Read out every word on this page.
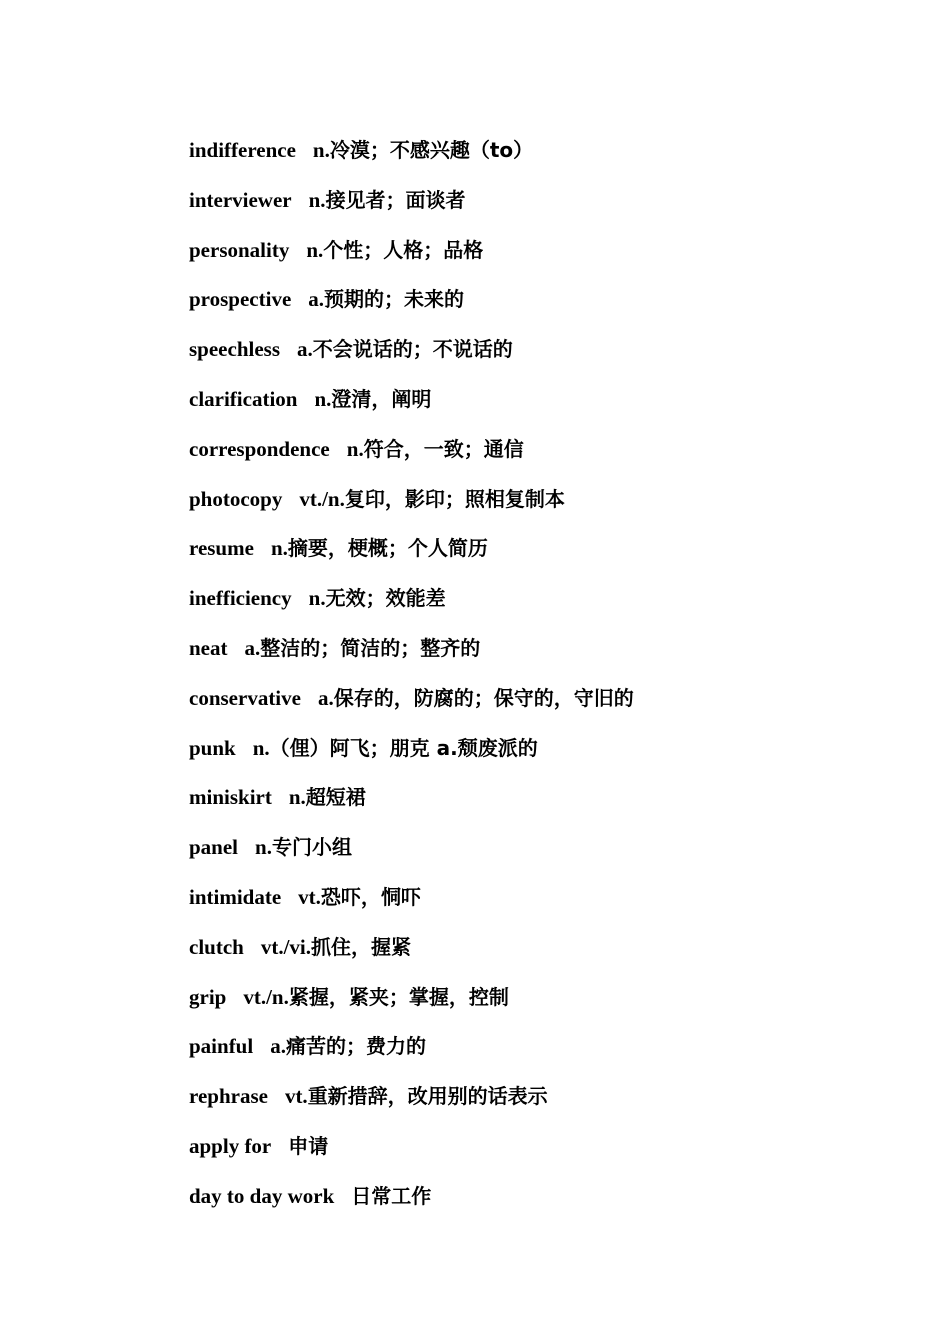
indifference n.冷漠；不感兴趣（to）
interviewer n.接见者；面谈者
personality n.个性；人格；品格
prospective a.预期的；未来的
speechless a.不会说话的；不说话的
clarification n.澄清，阐明
correspondence n.符合，一致；通信
photocopy vt./n.复印，影印；照相复制本
resume n.摘要，梗概；个人简历
inefficiency n.无效；效能差
neat a.整洁的；简洁的；整齐的
conservative a.保存的，防腐的；保守的，守旧的
punk n.（俚）阿飞；朋克 a.颓废派的
miniskirt n.超短裙
panel n.专门小组
intimidate vt.恐吓，恫吓
clutch vt./vi.抓住，握紧
grip vt./n.紧握，紧夹；掌握，控制
painful a.痛苦的；费力的
rephrase vt.重新措辞，改用别的话表示
apply for 申请
day to day work 日常工作
